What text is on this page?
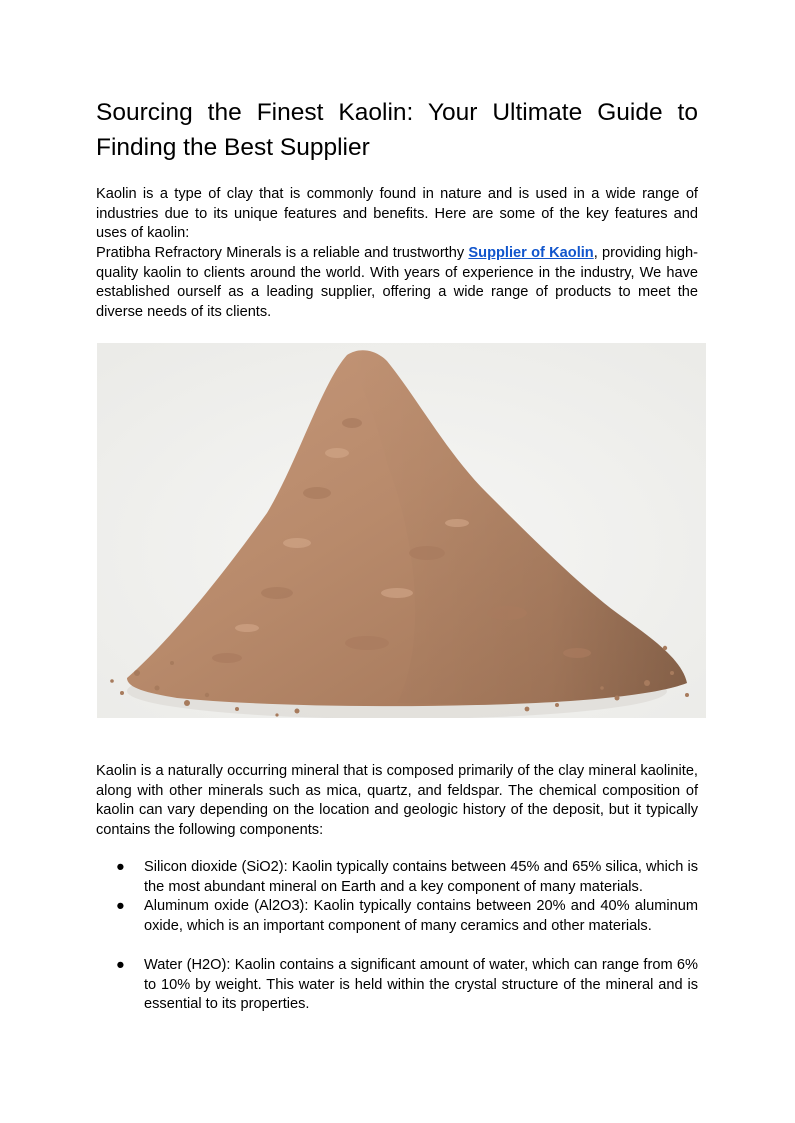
Sourcing the Finest Kaolin: Your Ultimate Guide to Finding the Best Supplier

Kaolin is a type of clay that is commonly found in nature and is used in a wide range of industries due to its unique features and benefits. Here are some of the key features and uses of kaolin:

Pratibha Refractory Minerals is a reliable and trustworthy Supplier of Kaolin, providing high-quality kaolin to clients around the world. With years of experience in the industry, We have established ourself as a leading supplier, offering a wide range of products to meet the diverse needs of its clients.

Kaolin is a naturally occurring mineral that is composed primarily of the clay mineral kaolinite, along with other minerals such as mica, quartz, and feldspar. The chemical composition of kaolin can vary depending on the location and geologic history of the deposit, but it typically contains the following components:

● Silicon dioxide (SiO2): Kaolin typically contains between 45% and 65% silica, which is the most abundant mineral on Earth and a key component of many materials.
● Aluminum oxide (Al2O3): Kaolin typically contains between 20% and 40% aluminum oxide, which is an important component of many ceramics and other materials.
● Water (H2O): Kaolin contains a significant amount of water, which can range from 6% to 10% by weight. This water is held within the crystal structure of the mineral and is essential to its properties.
